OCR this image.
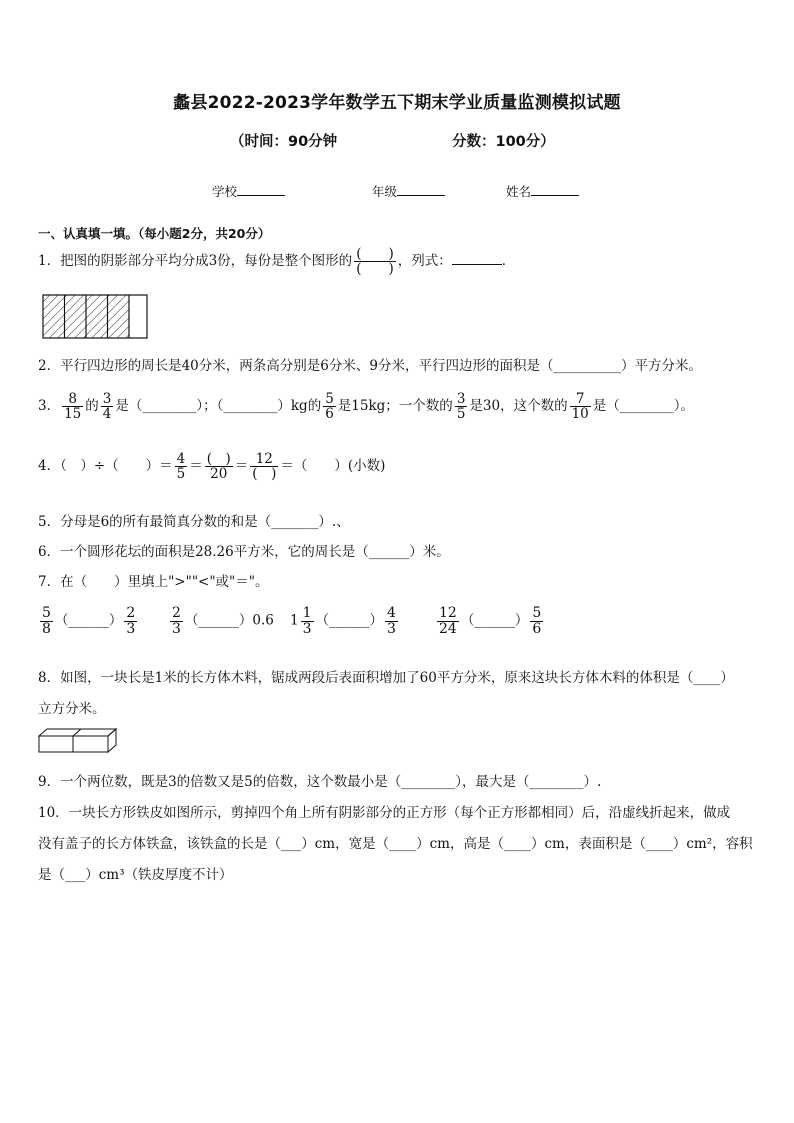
蠡县2022-2023学年数学五下期末学业质量监测模拟试题
（时间：90分钟	分数：100分）
学校	年级	姓名
一、认真填一填。（每小题2分，共20分）
1．把图的阴影部分平均分成3份，每份是整个图形的 $\frac{( )}{( )}$ ，列式：	．
2．平行四边形的周长是40分米，两条高分别是6分米、9分米，平行四边形的面积是（__________）平方分米。
3． $\frac{8}{15}$ 的 $\frac{3}{4}$ 是（________）；（________）kg的 $\frac{5}{6}$ 是15kg；一个数的 $\frac{3}{5}$ 是30，这个数的 $\frac{7}{10}$ 是（________）。
4．（　）÷（　　）＝ $\frac{4}{5} = \frac{( )}{20} = \frac{12}{( )}$ ＝（　　）(小数)
5．分母是6的所有最简真分数的和是（_______）.、
6．一个圆形花坛的面积是28.26平方米，它的周长是（______）米。
7．在（　　）里填上">""<"或"＝"。
$\frac{5}{8}$ （______） $\frac{2}{3} \frac{2}{3}$ （______）0.6 $1 \frac{1}{3}$ （______） $\frac{4}{3}$	$\frac{12}{24}$ （______） $\frac{5}{6}$
8．如图，一块长是1米的长方体木料，锯成两段后表面积增加了60平方分米，原来这块长方体木料的体积是（____）
立方分米。
9．一个两位数，既是3的倍数又是5的倍数，这个数最小是（________），最大是（________）.
10．一块长方形铁皮如图所示，剪掉四个角上所有阴影部分的正方形（每个正方形都相同）后，沿虚线折起来，做成
没有盖子的长方体铁盒，该铁盒的长是（___）cm，宽是（____）cm，高是（____）cm，表面积是（____）cm²，容积
是（___）cm³（铁皮厚度不计）
